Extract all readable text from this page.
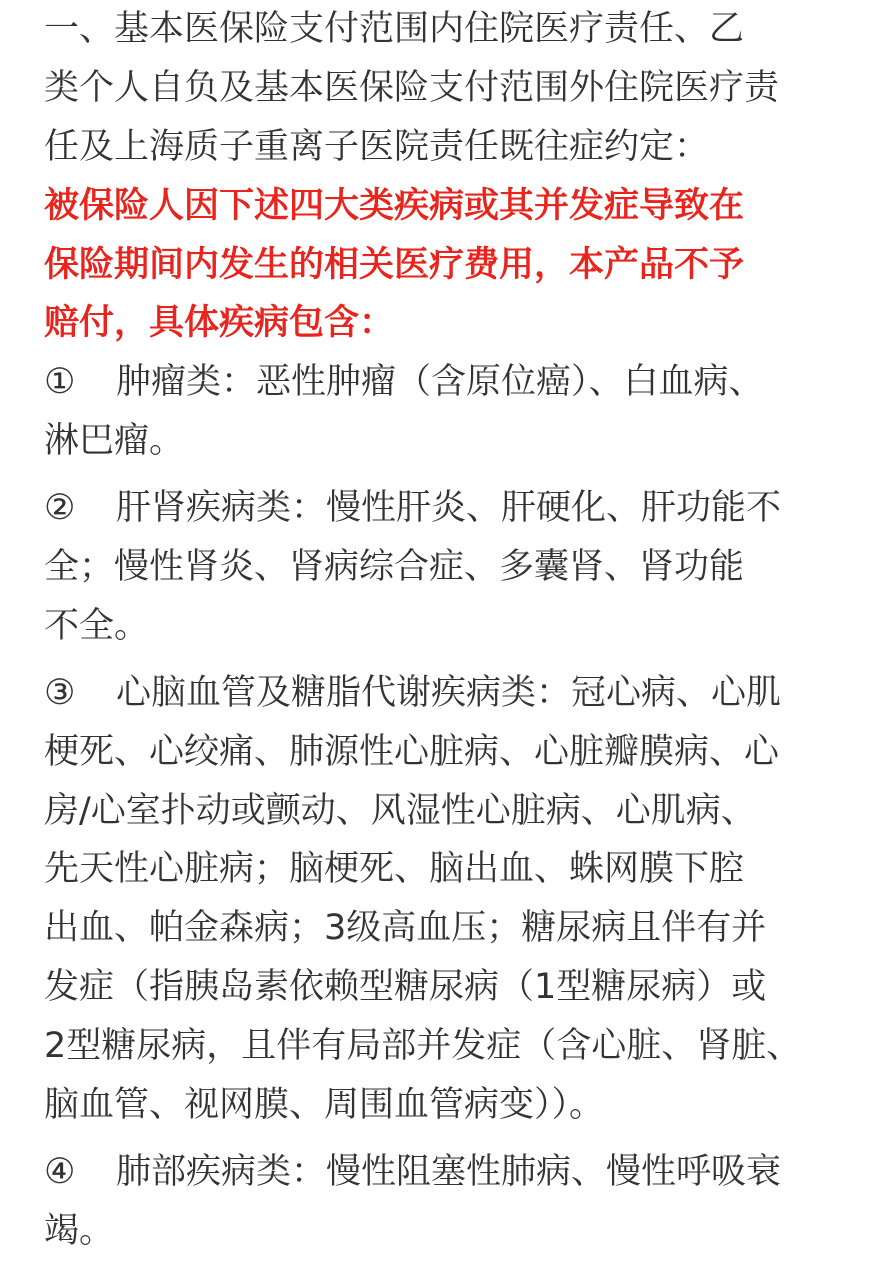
一、基本医保险支付范围内住院医疗责任、乙
类个人自负及基本医保险支付范围外住院医疗责
任及上海质子重离子医院责任既往症约定：
被保险人因下述四大类疾病或其并发症导致在
保险期间内发生的相关医疗费用，本产品不予
赔付，具体疾病包含：
① 肿瘤类：恶性肿瘤（含原位癌）、白血病、
淋巴瘤。
② 肝肾疾病类：慢性肝炎、肝硬化、肝功能不
全；慢性肾炎、肾病综合症、多囊肾、肾功能
不全。
③ 心脑血管及糖脂代谢疾病类：冠心病、心肌
梗死、心绞痛、肺源性心脏病、心脏瓣膜病、心
房/心室扑动或颤动、风湿性心脏病、心肌病、
先天性心脏病；脑梗死、脑出血、蛛网膜下腔
出血、帕金森病；3级高血压；糖尿病且伴有并
发症（指胰岛素依赖型糖尿病（1型糖尿病）或
2型糖尿病，且伴有局部并发症（含心脏、肾脏、
脑血管、视网膜、周围血管病变））。
④ 肺部疾病类：慢性阻塞性肺病、慢性呼吸衰
竭。
